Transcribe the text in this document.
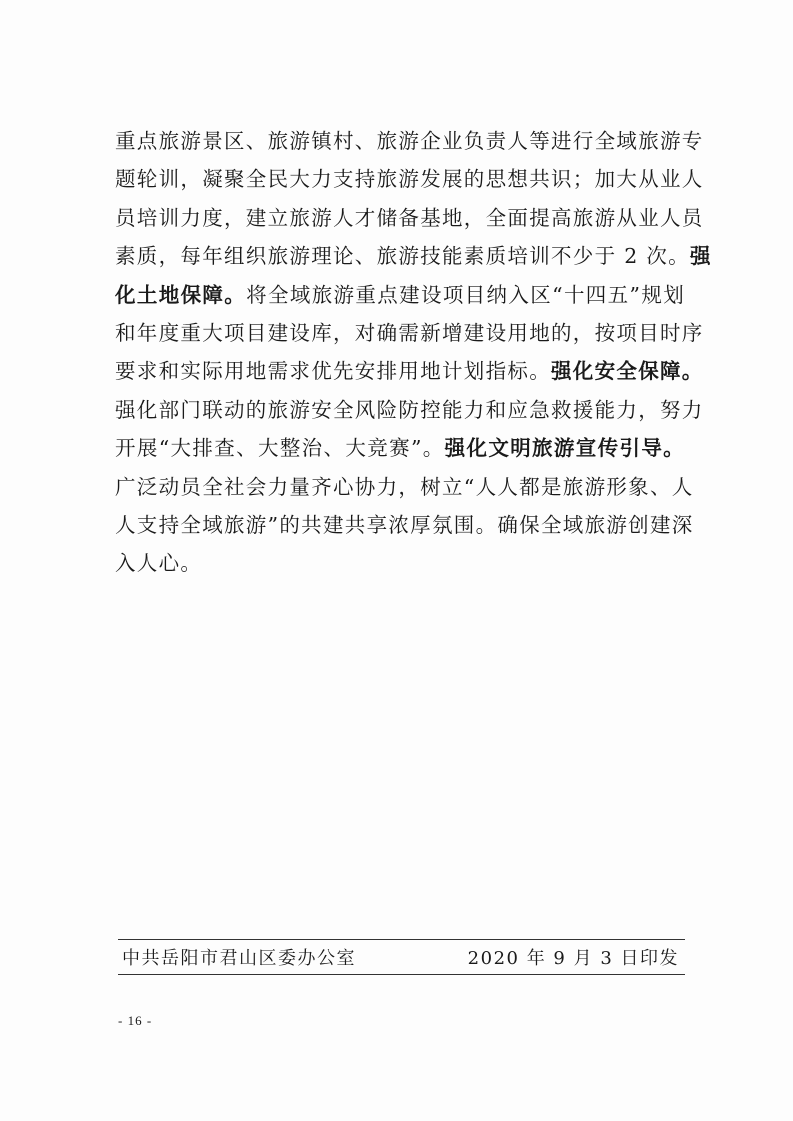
重点旅游景区、旅游镇村、旅游企业负责人等进行全域旅游专
题轮训，凝聚全民大力支持旅游发展的思想共识；加大从业人
员培训力度，建立旅游人才储备基地，全面提高旅游从业人员
素质，每年组织旅游理论、旅游技能素质培训不少于 2 次。强
化土地保障。将全域旅游重点建设项目纳入区“十四五”规划
和年度重大项目建设库，对确需新增建设用地的，按项目时序
要求和实际用地需求优先安排用地计划指标。强化安全保障。
强化部门联动的旅游安全风险防控能力和应急救援能力，努力
开展“大排查、大整治、大竞赛”。强化文明旅游宣传引导。
广泛动员全社会力量齐心协力，树立“人人都是旅游形象、人
人支持全域旅游”的共建共享浓厚氛围。确保全域旅游创建深
入人心。
中共岳阳市君山区委办公室	2020 年 9 月 3 日印发
- 16 -
